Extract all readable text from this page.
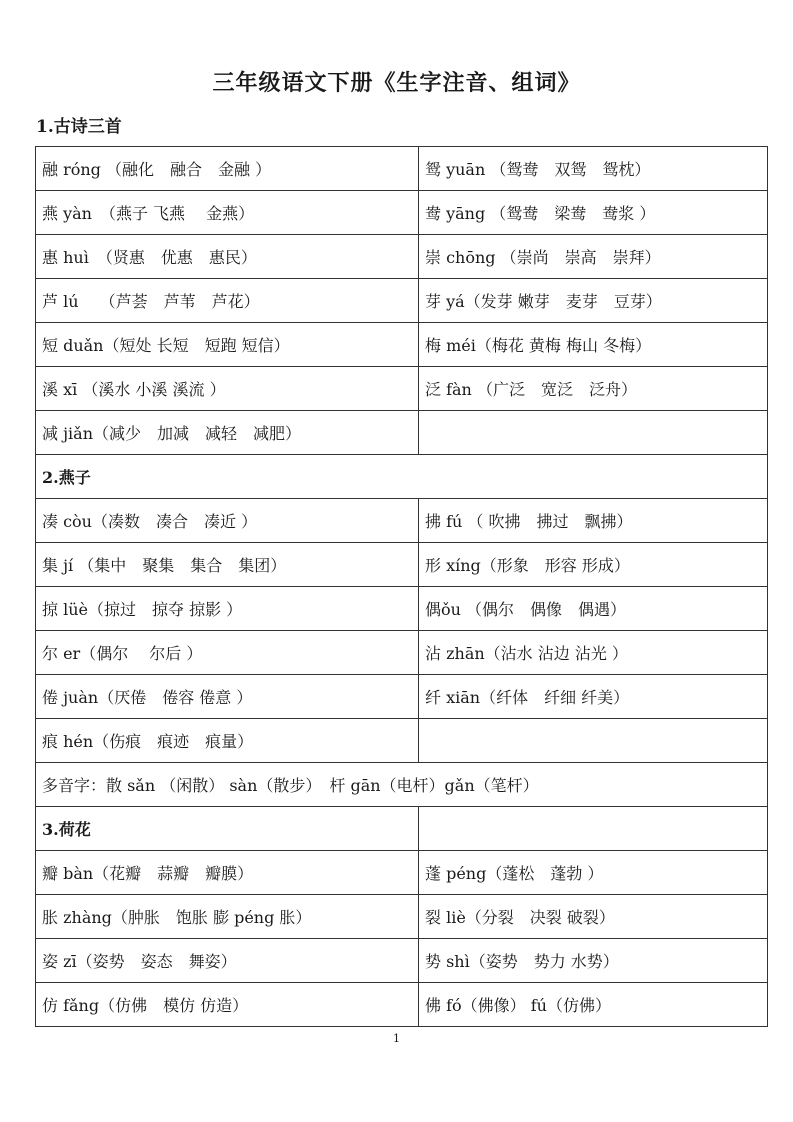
三年级语文下册《生字注音、组词》
1.古诗三首
融 róng （融化　融合　金融 ）	鸳 yuān （鸳鸯　双鸳　鸳枕）
燕 yàn　（燕子 飞燕　 金燕）	鸯 yāng （鸳鸯　梁鸯　鸯浆 ）
惠 huì　（贤惠　优惠　惠民）	崇 chōng （崇尚　崇高　崇拜）
芦 lú　 （芦荟　芦苇　芦花）	芽 yá（发芽 嫩芽　麦芽　豆芽）
短 duǎn（短处 长短　短跑 短信）	梅 méi（梅花 黄梅 梅山 冬梅）
溪 xī （溪水 小溪 溪流 ）	泛 fàn （广泛　宽泛　泛舟）
减 jiǎn（减少　加减　减轻　减肥）	
2.燕子	
凑 còu（凑数　凑合　凑近 ）	拂 fú （ 吹拂　拂过　飘拂）
集 jí （集中　聚集　集合　集团）	形 xíng（形象　形容 形成）
掠 lüè（掠过　掠夺 掠影 ）	偶ǒu （偶尔　偶像　偶遇）
尔 er（偶尔　 尔后 ）	沾 zhān（沾水 沾边 沾光 ）
倦 juàn（厌倦　倦容 倦意 ）	纤 xiān（纤体　纤细 纤美）
痕 hén（伤痕　痕迹　痕量）	
多音字：散 sǎn （闲散） sàn（散步）　杆 gān（电杆）gǎn（笔杆）	
3.荷花	
瓣 bàn（花瓣　蒜瓣　瓣膜）	蓬 péng（蓬松　蓬勃 ）
胀 zhàng（肿胀　饱胀 膨 péng 胀）	裂 liè（分裂　决裂 破裂）
姿 zī（姿势　姿态　舞姿）	势 shì（姿势　势力 水势）
仿 fǎng（仿佛　模仿 仿造）	佛 fó（佛像） fú（仿佛）
1
